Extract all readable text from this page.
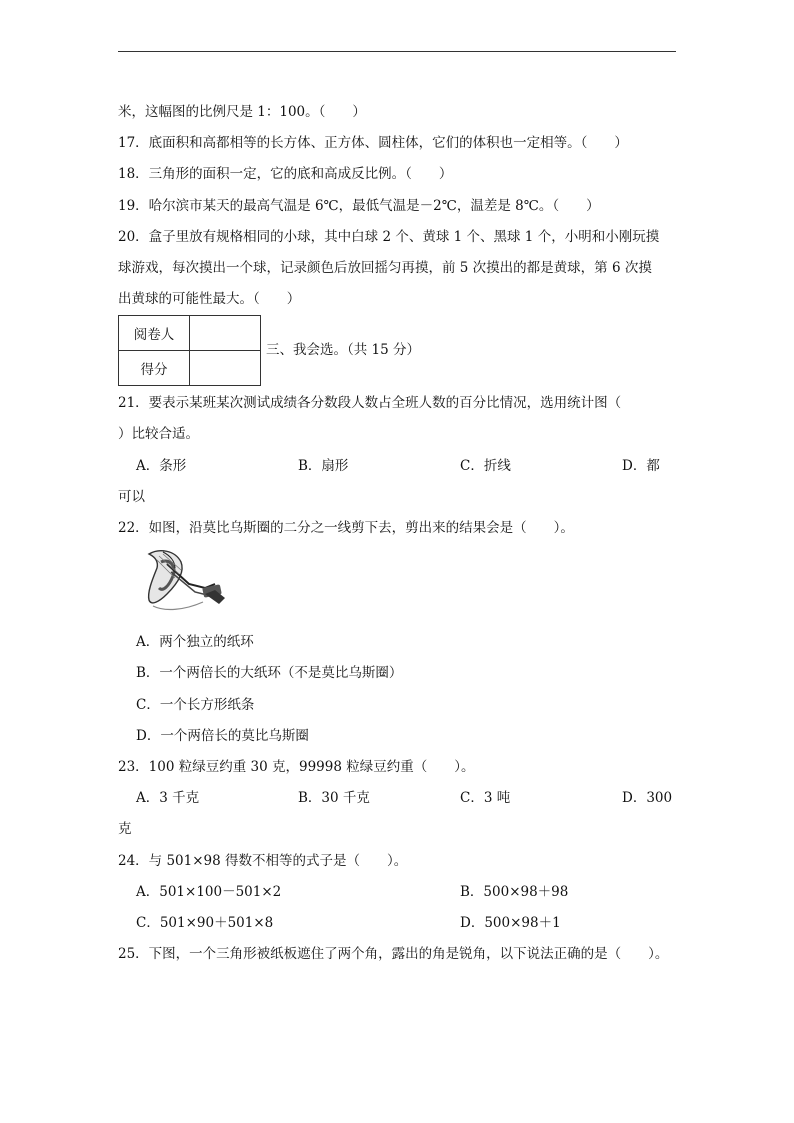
米，这幅图的比例尺是 1：100。（　　）
17．底面积和高都相等的长方体、正方体、圆柱体，它们的体积也一定相等。（　　）
18．三角形的面积一定，它的底和高成反比例。（　　）
19．哈尔滨市某天的最高气温是 6℃，最低气温是－2℃，温差是 8℃。（　　）
20．盒子里放有规格相同的小球，其中白球 2 个、黄球 1 个、黑球 1 个，小明和小刚玩摸
球游戏，每次摸出一个球，记录颜色后放回摇匀再摸，前 5 次摸出的都是黄球，第 6 次摸
出黄球的可能性最大。（　　）
阅卷人	
得分	
三、我会选。（共 15 分）
21．要表示某班某次测试成绩各分数段人数占全班人数的百分比情况，选用统计图（
）比较合适。
A．条形	B．扇形	C．折线	D．都
可以
22．如图，沿莫比乌斯圈的二分之一线剪下去，剪出来的结果会是（　　）。
A．两个独立的纸环
B．一个两倍长的大纸环（不是莫比乌斯圈）
C．一个长方形纸条
D．一个两倍长的莫比乌斯圈
23．100 粒绿豆约重 30 克，99998 粒绿豆约重（　　）。
A．3 千克	B．30 千克	C．3 吨	D．300
克
24．与 501×98 得数不相等的式子是（　　）。
A．501×100－501×2	B．500×98＋98
C．501×90＋501×8	D．500×98＋1
25．下图，一个三角形被纸板遮住了两个角，露出的角是锐角，以下说法正确的是（　　）。
